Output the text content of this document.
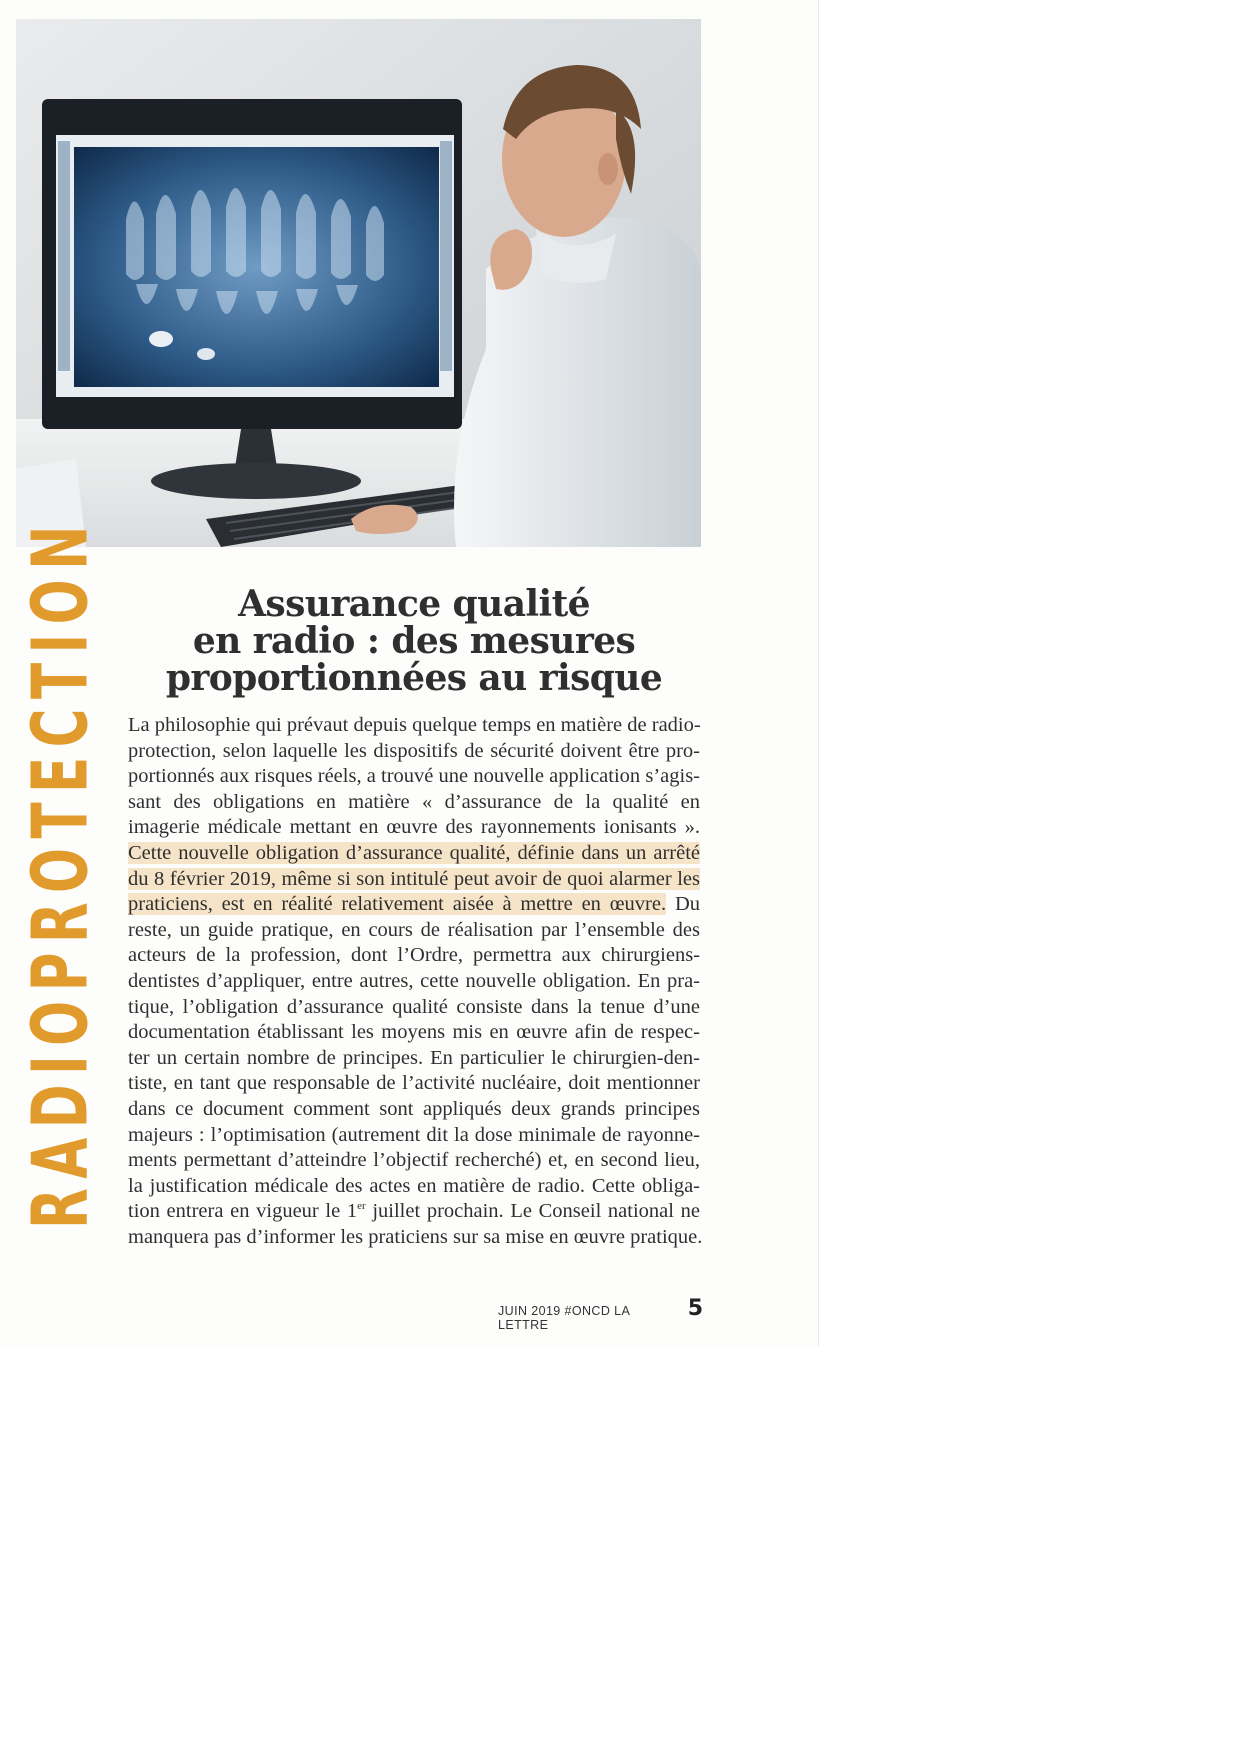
RADIOPROTECTION	Assurance qualité
en radio : des mesures
proportionnées au risque
La philosophie qui prévaut depuis quelque temps en matière de radio-
protection, selon laquelle les dispositifs de sécurité doivent être pro-
portionnés aux risques réels, a trouvé une nouvelle application s’agis-
sant des obligations en matière « d’assurance de la qualité en
imagerie médicale mettant en œuvre des rayonnements ionisants ».
Cette nouvelle obligation d’assurance qualité, définie dans un arrêté
du 8 février 2019, même si son intitulé peut avoir de quoi alarmer les
praticiens, est en réalité relativement aisée à mettre en œuvre. Du
reste, un guide pratique, en cours de réalisation par l’ensemble des
acteurs de la profession, dont l’Ordre, permettra aux chirurgiens-
dentistes d’appliquer, entre autres, cette nouvelle obligation. En pra-
tique, l’obligation d’assurance qualité consiste dans la tenue d’une
documentation établissant les moyens mis en œuvre afin de respec-
ter un certain nombre de principes. En particulier le chirurgien-den-
tiste, en tant que responsable de l’activité nucléaire, doit mentionner
dans ce document comment sont appliqués deux grands principes
majeurs : l’optimisation (autrement dit la dose minimale de rayonne-
ments permettant d’atteindre l’objectif recherché) et, en second lieu,
la justification médicale des actes en matière de radio. Cette obliga-
tion entrera en vigueur le 1er juillet prochain. Le Conseil national ne
manquera pas d’informer les praticiens sur sa mise en œuvre pratique.
JUIN 2019 #ONCD LA LETTRE
5
